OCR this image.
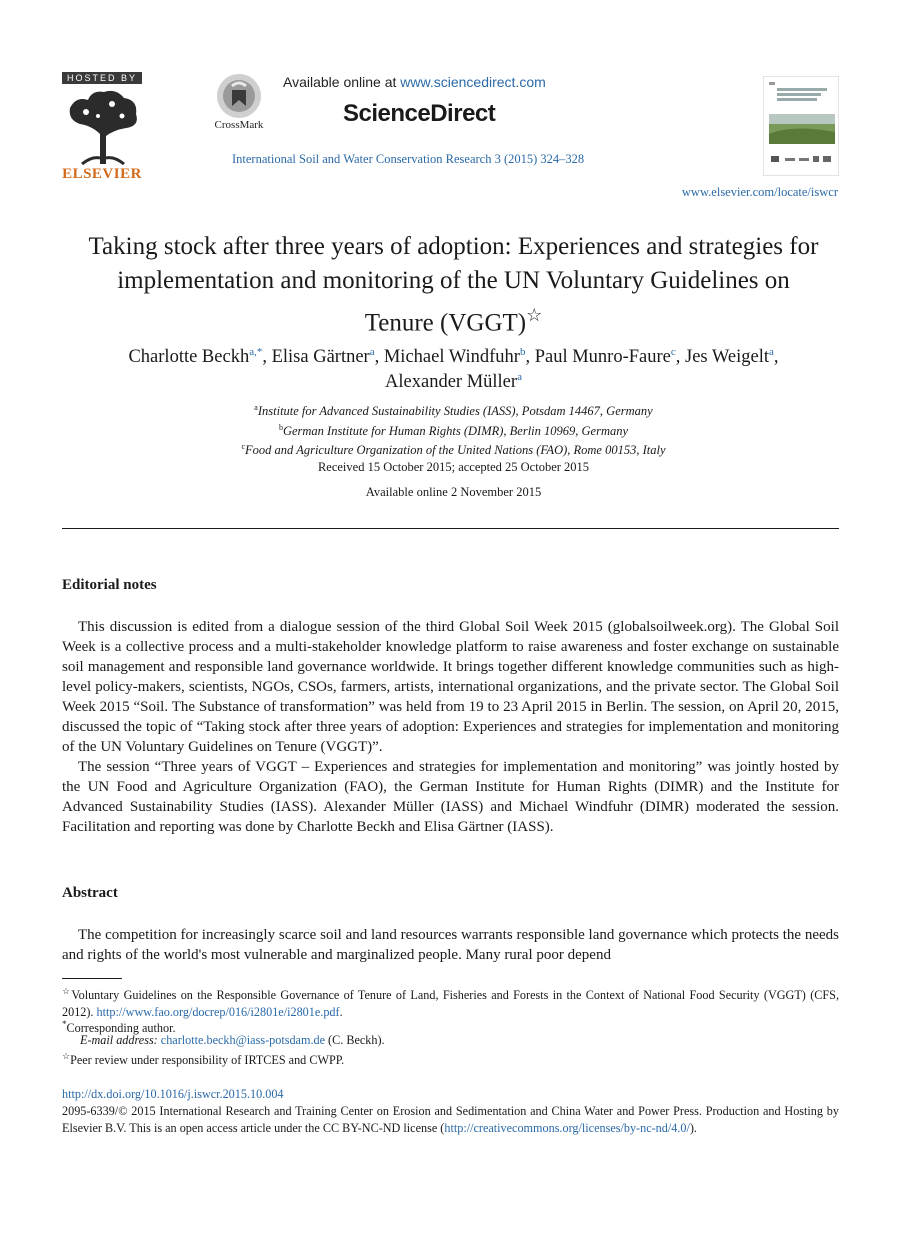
HOSTED BY
ELSEVIER
CrossMark
Available online at www.sciencedirect.com
ScienceDirect
International Soil and Water Conservation Research 3 (2015) 324–328
www.elsevier.com/locate/iswcr
Taking stock after three years of adoption: Experiences and strategies for implementation and monitoring of the UN Voluntary Guidelines on Tenure (VGGT)☆
Charlotte Beckh$^{a,*}$, Elisa Gärtner$^a$, Michael Windfuhr$^b$, Paul Munro-Faure$^c$, Jes Weigelt$^a$,
Alexander Müller$^a$
$^a$Institute for Advanced Sustainability Studies (IASS), Potsdam 14467, Germany
$^b$German Institute for Human Rights (DIMR), Berlin 10969, Germany
$^c$Food and Agriculture Organization of the United Nations (FAO), Rome 00153, Italy
Received 15 October 2015; accepted 25 October 2015
Available online 2 November 2015
Editorial notes

This discussion is edited from a dialogue session of the third Global Soil Week 2015 (globalsoilweek.org). The Global Soil Week is a collective process and a multi-stakeholder knowledge platform to raise awareness and foster exchange on sustainable soil management and responsible land governance worldwide. It brings together different knowledge communities such as high-level policy-makers, scientists, NGOs, CSOs, farmers, artists, international organizations, and the private sector. The Global Soil Week 2015 “Soil. The Substance of transformation” was held from 19 to 23 April 2015 in Berlin. The session, on April 20, 2015, discussed the topic of “Taking stock after three years of adoption: Experiences and strategies for implementation and monitoring of the UN Voluntary Guidelines on Tenure (VGGT)”.

The session “Three years of VGGT – Experiences and strategies for implementation and monitoring” was jointly hosted by the UN Food and Agriculture Organization (FAO), the German Institute for Human Rights (DIMR) and the Institute for Advanced Sustainability Studies (IASS). Alexander Müller (IASS) and Michael Windfuhr (DIMR) moderated the session. Facilitation and reporting was done by Charlotte Beckh and Elisa Gärtner (IASS).

Abstract

The competition for increasingly scarce soil and land resources warrants responsible land governance which protects the needs and rights of the world's most vulnerable and marginalized people. Many rural poor depend

☆Voluntary Guidelines on the Responsible Governance of Tenure of Land, Fisheries and Forests in the Context of National Food Security (VGGT) (CFS, 2012). http://www.fao.org/docrep/016/i2801e/i2801e.pdf.
*Corresponding author.
E-mail address: charlotte.beckh@iass-potsdam.de (C. Beckh).
☆Peer review under responsibility of IRTCES and CWPP.
http://dx.doi.org/10.1016/j.iswcr.2015.10.004
2095-6339/© 2015 International Research and Training Center on Erosion and Sedimentation and China Water and Power Press. Production and Hosting by Elsevier B.V. This is an open access article under the CC BY-NC-ND license (http://creativecommons.org/licenses/by-nc-nd/4.0/).
